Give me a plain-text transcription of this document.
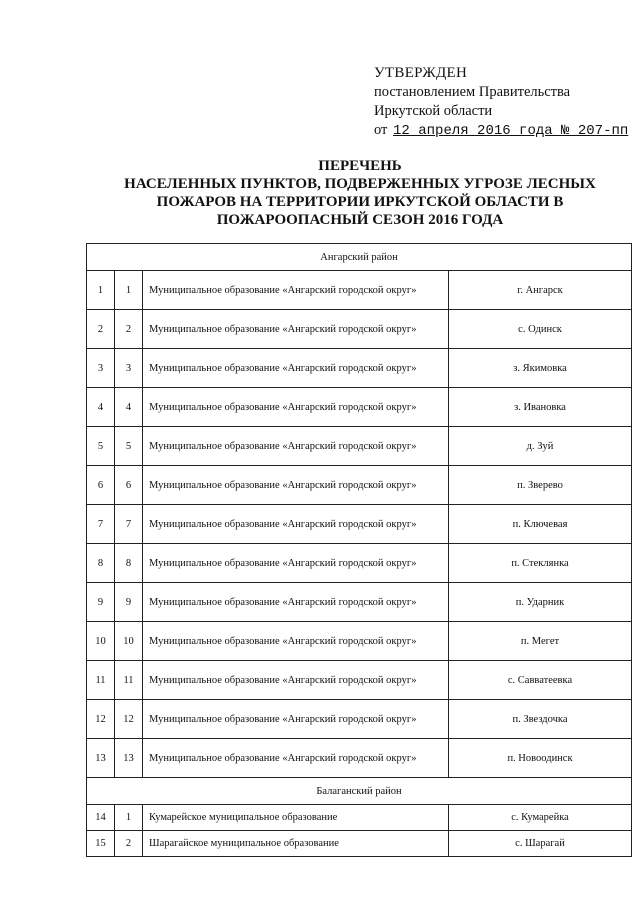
УТВЕРЖДЕН
постановлением Правительства
Иркутской области
от 12 апреля 2016 года № 207-пп
ПЕРЕЧЕНЬ
НАСЕЛЕННЫХ ПУНКТОВ, ПОДВЕРЖЕННЫХ УГРОЗЕ ЛЕСНЫХ
ПОЖАРОВ НА ТЕРРИТОРИИ ИРКУТСКОЙ ОБЛАСТИ В
ПОЖАРООПАСНЫЙ СЕЗОН 2016 ГОДА
Ангарский район			
1	1	Муниципальное образование «Ангарский городской округ»	г. Ангарск
2	2	Муниципальное образование «Ангарский городской округ»	с. Одинск
3	3	Муниципальное образование «Ангарский городской округ»	з. Якимовка
4	4	Муниципальное образование «Ангарский городской округ»	з. Ивановка
5	5	Муниципальное образование «Ангарский городской округ»	д. Зуй
6	6	Муниципальное образование «Ангарский городской округ»	п. Зверево
7	7	Муниципальное образование «Ангарский городской округ»	п. Ключевая
8	8	Муниципальное образование «Ангарский городской округ»	п. Стеклянка
9	9	Муниципальное образование «Ангарский городской округ»	п. Ударник
10	10	Муниципальное образование «Ангарский городской округ»	п. Мегет
11	11	Муниципальное образование «Ангарский городской округ»	с. Савватеевка
12	12	Муниципальное образование «Ангарский городской округ»	п. Звездочка
13	13	Муниципальное образование «Ангарский городской округ»	п. Новоодинск
Балаганский район			
14	1	Кумарейское муниципальное образование	с. Кумарейка
15	2	Шарагайское муниципальное образование	с. Шарагай
